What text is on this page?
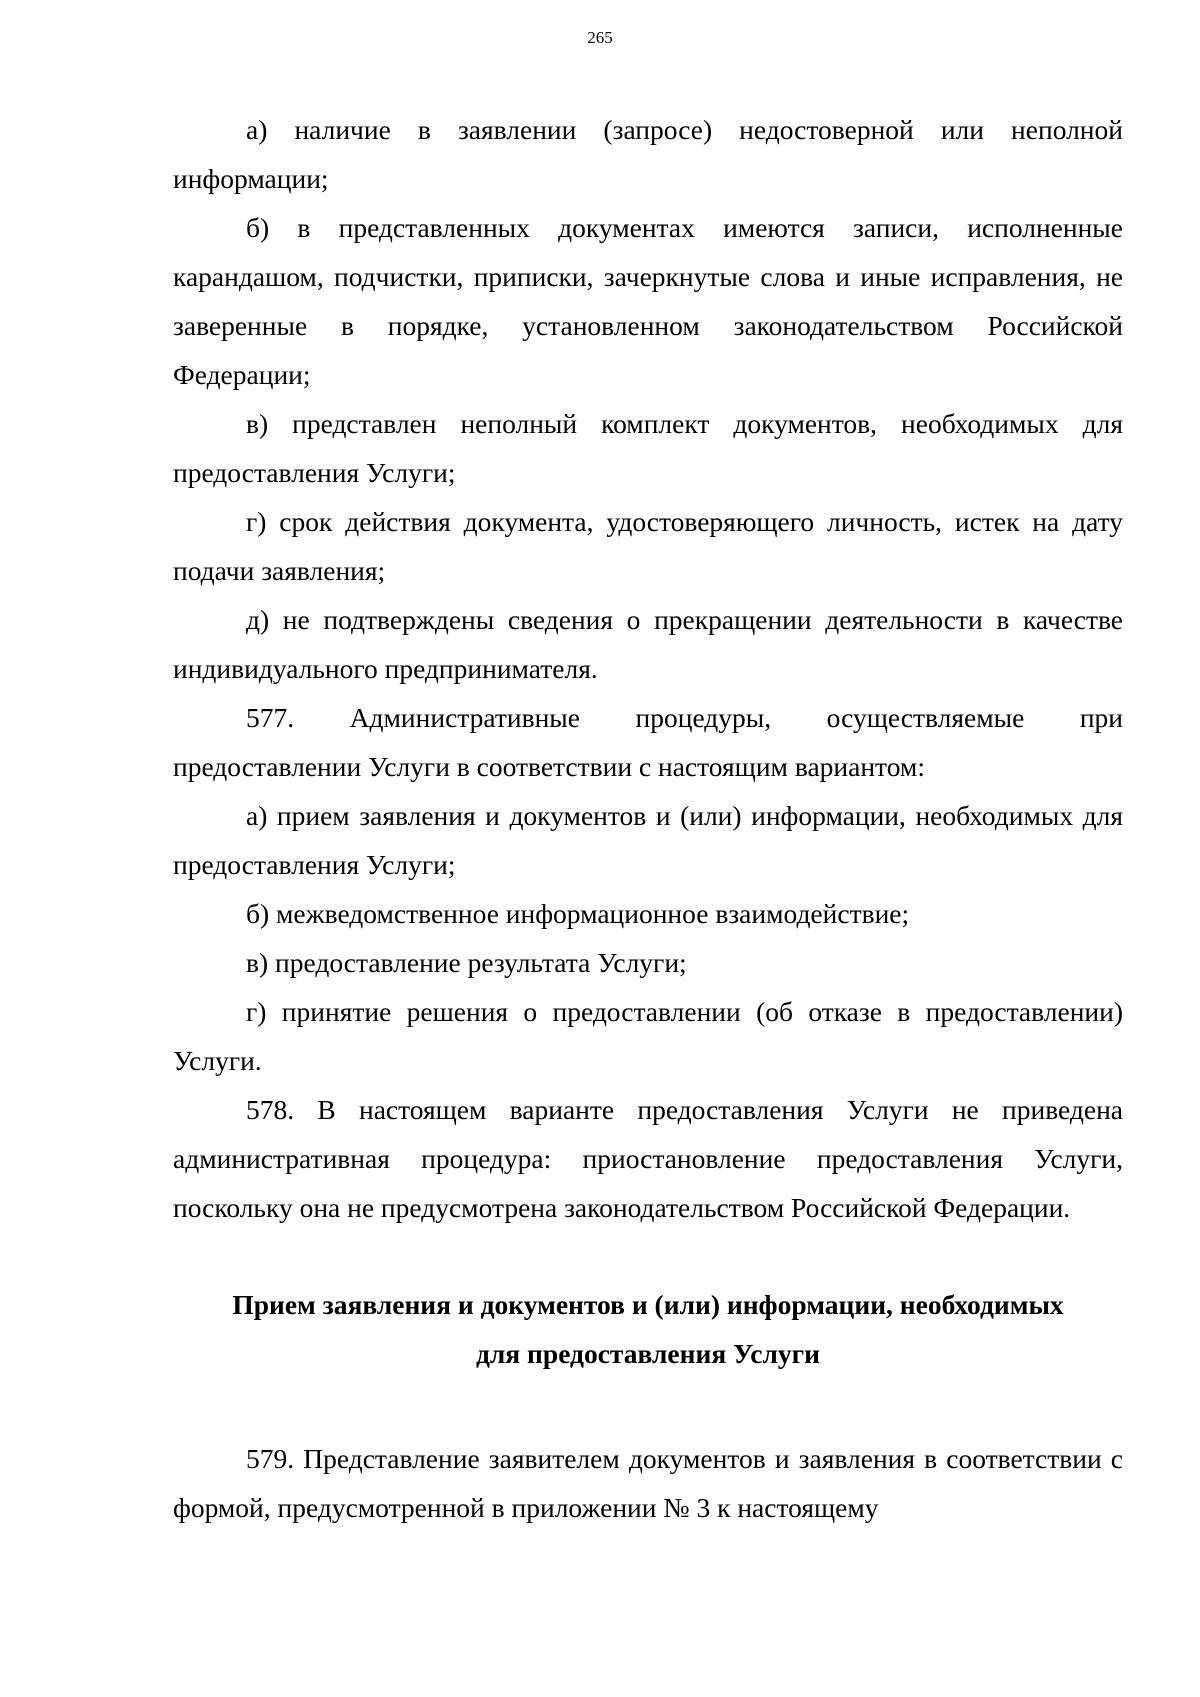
265

а) наличие в заявлении (запросе) недостоверной или неполной информации;

б) в представленных документах имеются записи, исполненные карандашом, подчистки, приписки, зачеркнутые слова и иные исправления, не заверенные в порядке, установленном законодательством Российской Федерации;

в) представлен неполный комплект документов, необходимых для предоставления Услуги;

г) срок действия документа, удостоверяющего личность, истек на дату подачи заявления;

д) не подтверждены сведения о прекращении деятельности в качестве индивидуального предпринимателя.

577. Административные процедуры, осуществляемые при предоставлении Услуги в соответствии с настоящим вариантом:

а) прием заявления и документов и (или) информации, необходимых для предоставления Услуги;

б) межведомственное информационное взаимодействие;

в) предоставление результата Услуги;

г) принятие решения о предоставлении (об отказе в предоставлении) Услуги.

578. В настоящем варианте предоставления Услуги не приведена административная процедура: приостановление предоставления Услуги, поскольку она не предусмотрена законодательством Российской Федерации.

Прием заявления и документов и (или) информации, необходимых
для предоставления Услуги

579. Представление заявителем документов и заявления в соответствии с формой, предусмотренной в приложении № 3 к настоящему
